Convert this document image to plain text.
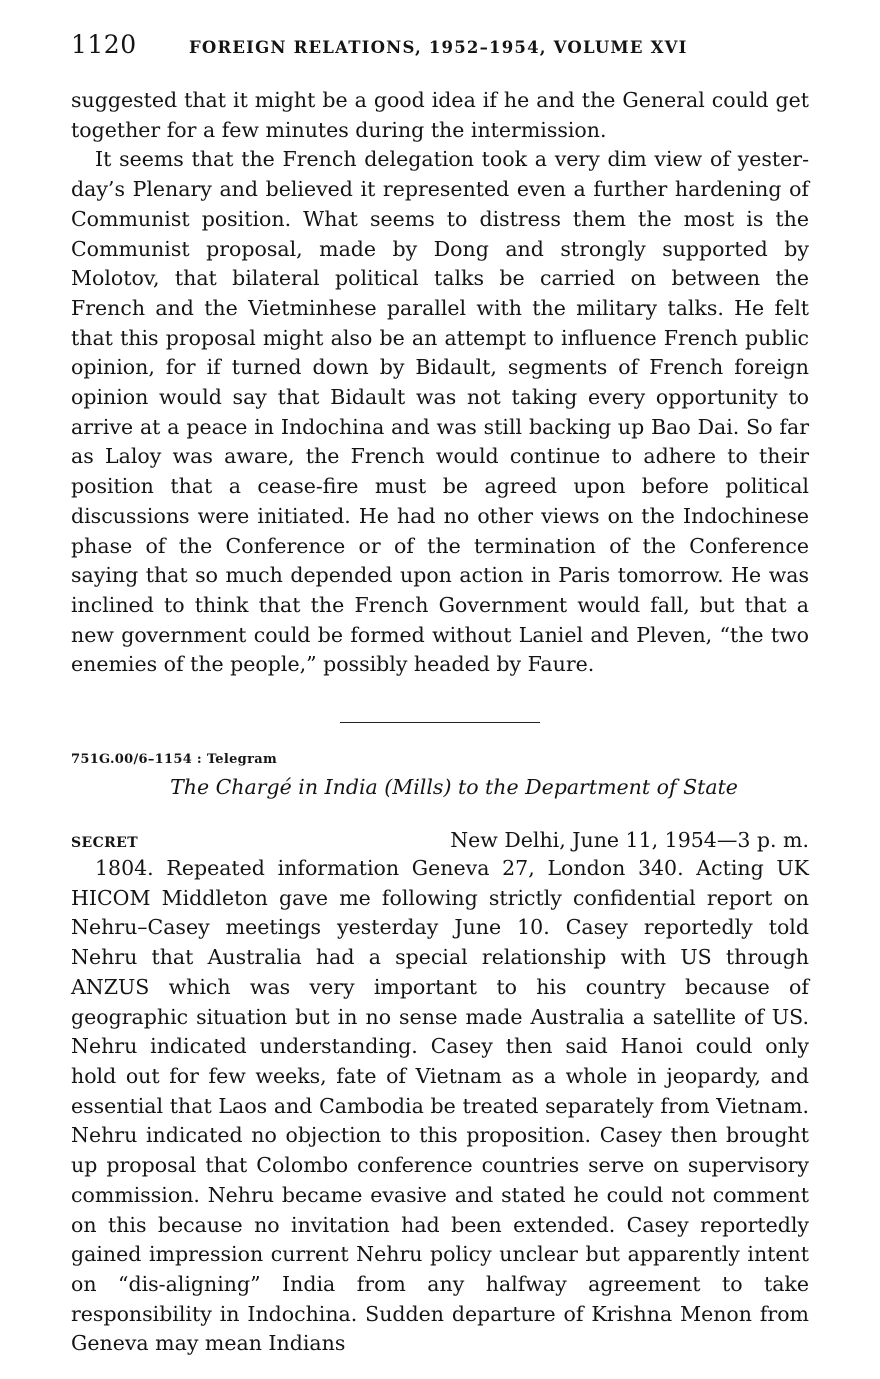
1120	FOREIGN RELATIONS, 1952–1954, VOLUME XVI

suggested that it might be a good idea if he and the General could get together for a few minutes during the intermission.

It seems that the French delegation took a very dim view of yesterday’s Plenary and believed it represented even a further hardening of Communist position. What seems to distress them the most is the Communist proposal, made by Dong and strongly supported by Molotov, that bilateral political talks be carried on between the French and the Vietminhese parallel with the military talks. He felt that this proposal might also be an attempt to influence French public opinion, for if turned down by Bidault, segments of French foreign opinion would say that Bidault was not taking every opportunity to arrive at a peace in Indochina and was still backing up Bao Dai. So far as Laloy was aware, the French would continue to adhere to their position that a cease-fire must be agreed upon before political discussions were initiated. He had no other views on the Indochinese phase of the Conference or of the termination of the Conference saying that so much depended upon action in Paris tomorrow. He was inclined to think that the French Government would fall, but that a new government could be formed without Laniel and Pleven, “the two enemies of the people,” possibly headed by Faure.

751G.00/6–1154 : Telegram
The Chargé in India (Mills) to the Department of State
SECRET	New Delhi, June 11, 1954—3 p. m.

1804. Repeated information Geneva 27, London 340. Acting UK HICOM Middleton gave me following strictly confidential report on Nehru–Casey meetings yesterday June 10. Casey reportedly told Nehru that Australia had a special relationship with US through ANZUS which was very important to his country because of geographic situation but in no sense made Australia a satellite of US. Nehru indicated understanding. Casey then said Hanoi could only hold out for few weeks, fate of Vietnam as a whole in jeopardy, and essential that Laos and Cambodia be treated separately from Vietnam. Nehru indicated no objection to this proposition. Casey then brought up proposal that Colombo conference countries serve on supervisory commission. Nehru became evasive and stated he could not comment on this because no invitation had been extended. Casey reportedly gained impression current Nehru policy unclear but apparently intent on “dis-aligning” India from any halfway agreement to take responsibility in Indochina. Sudden departure of Krishna Menon from Geneva may mean Indians
